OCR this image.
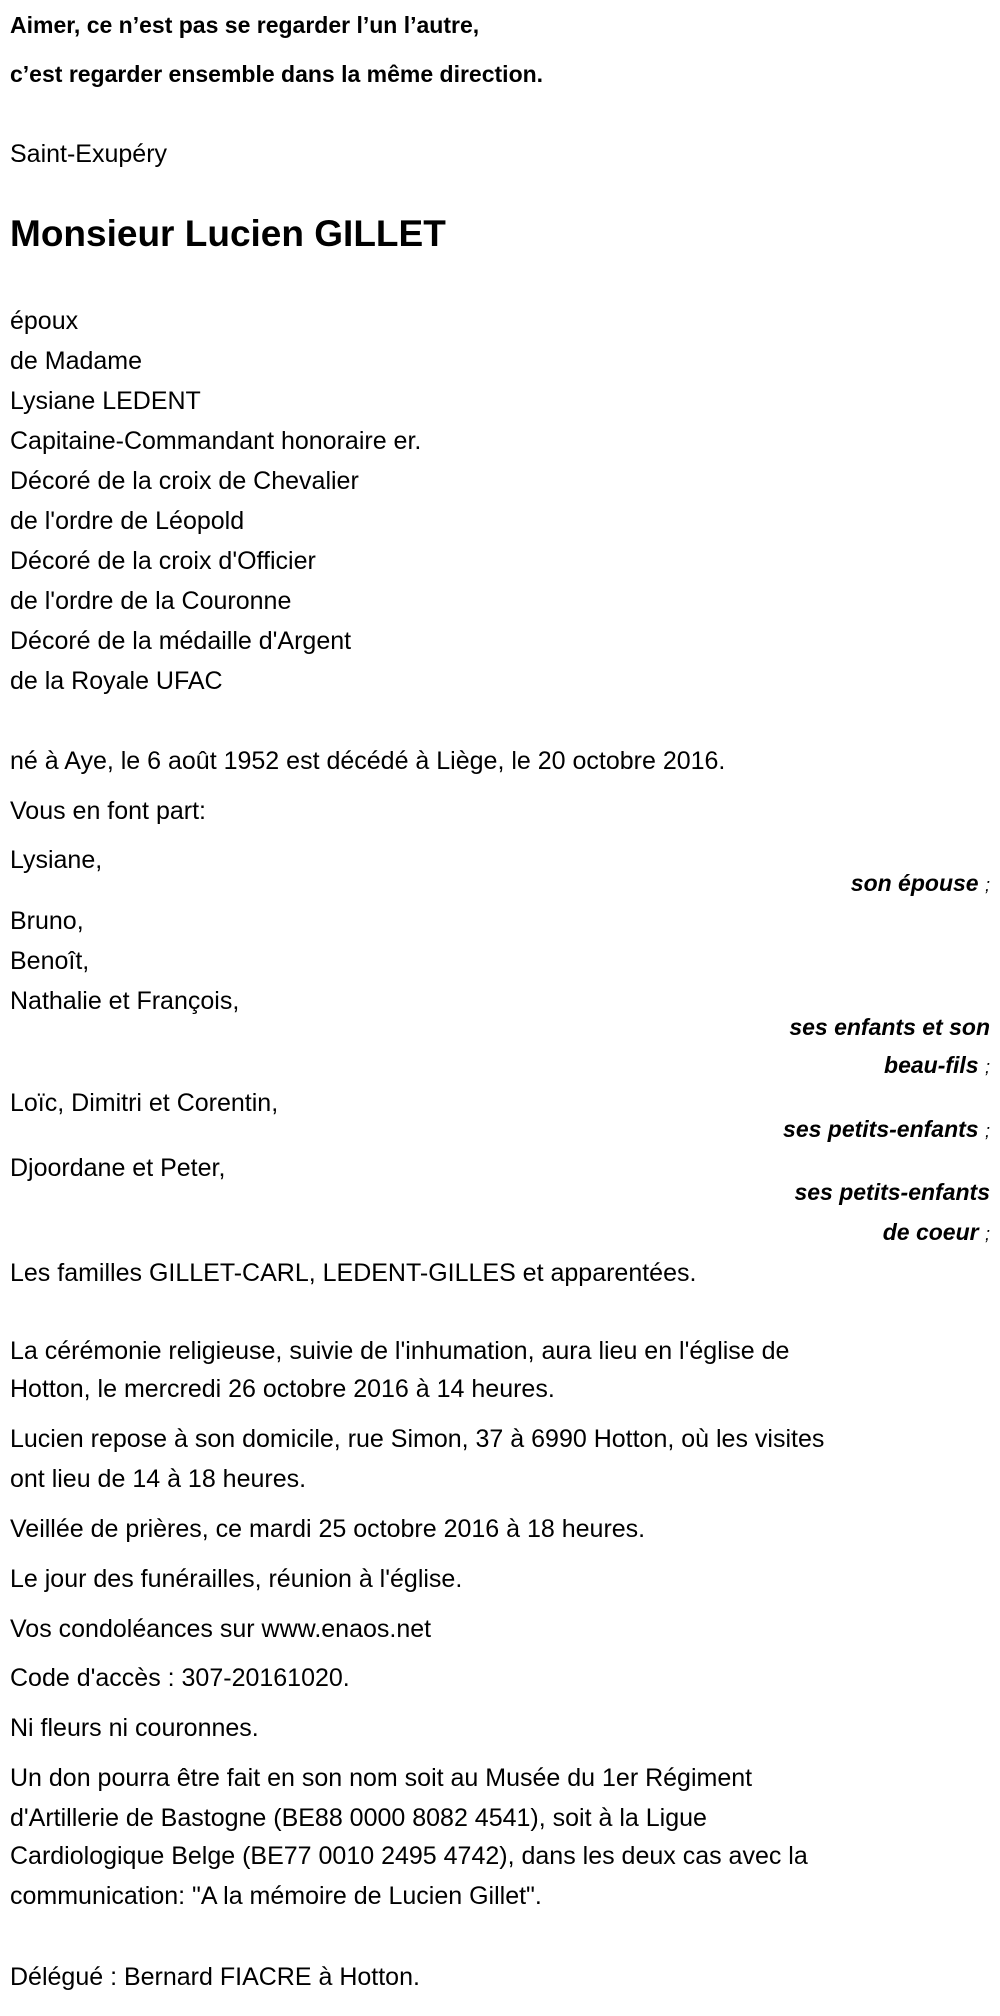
Aimer, ce n’est pas se regarder l’un l’autre,
c’est regarder ensemble dans la même direction.
Saint-Exupéry
Monsieur Lucien GILLET
époux
de Madame
Lysiane LEDENT
Capitaine-Commandant honoraire er.
Décoré de la croix de Chevalier
de l'ordre de Léopold
Décoré de la croix d'Officier
de l'ordre de la Couronne
Décoré de la médaille d'Argent
de la Royale UFAC
né à Aye, le 6 août 1952 est décédé à Liège, le 20 octobre 2016.
Vous en font part:
Lysiane,
son épouse ;
Bruno,
Benoît,
Nathalie et François,
ses enfants et son
beau-fils ;
Loïc, Dimitri et Corentin,
ses petits-enfants ;
Djoordane et Peter,
ses petits-enfants
de coeur ;
Les familles GILLET-CARL, LEDENT-GILLES et apparentées.
La cérémonie religieuse, suivie de l'inhumation, aura lieu en l'église de
Hotton, le mercredi 26 octobre 2016 à 14 heures.
Lucien repose à son domicile, rue Simon, 37 à 6990 Hotton, où les visites
ont lieu de 14 à 18 heures.
Veillée de prières, ce mardi 25 octobre 2016 à 18 heures.
Le jour des funérailles, réunion à l'église.
Vos condoléances sur www.enaos.net
Code d'accès : 307-20161020.
Ni fleurs ni couronnes.
Un don pourra être fait en son nom soit au Musée du 1er Régiment
d'Artillerie de Bastogne (BE88 0000 8082 4541), soit à la Ligue
Cardiologique Belge (BE77 0010 2495 4742), dans les deux cas avec la
communication: "A la mémoire de Lucien Gillet".
Délégué : Bernard FIACRE à Hotton.
